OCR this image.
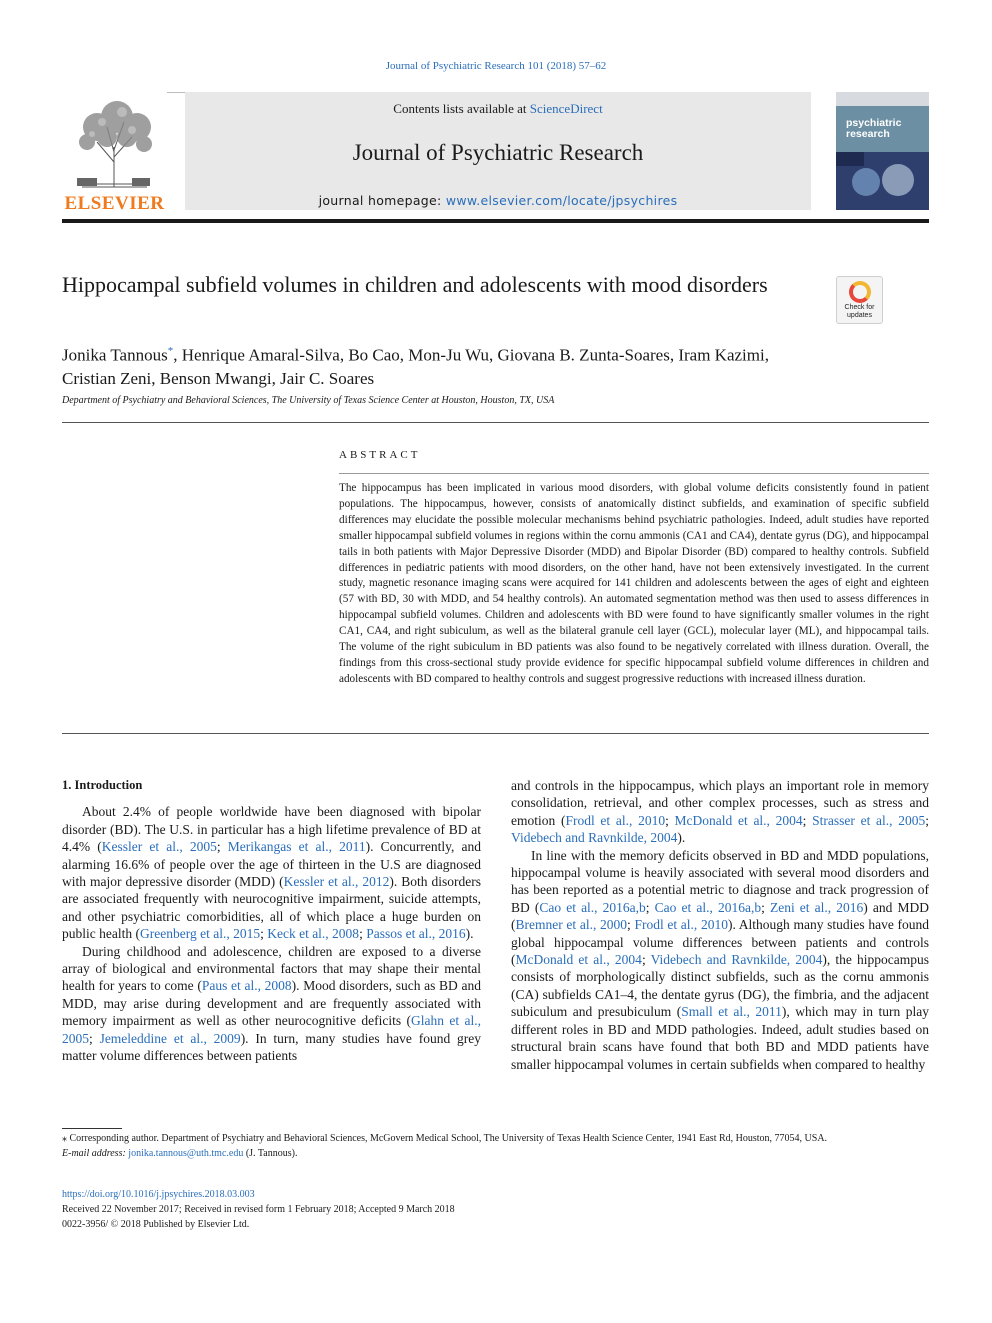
Journal of Psychiatric Research 101 (2018) 57–62
ELSEVIER
Contents lists available at ScienceDirect
Journal of Psychiatric Research
journal homepage: www.elsevier.com/locate/jpsychires
psychiatric research
Hippocampal subfield volumes in children and adolescents with mood disorders
Check for updates
Jonika Tannous*, Henrique Amaral-Silva, Bo Cao, Mon-Ju Wu, Giovana B. Zunta-Soares, Iram Kazimi, Cristian Zeni, Benson Mwangi, Jair C. Soares
Department of Psychiatry and Behavioral Sciences, The University of Texas Science Center at Houston, Houston, TX, USA
ABSTRACT
The hippocampus has been implicated in various mood disorders, with global volume deficits consistently found in patient populations. The hippocampus, however, consists of anatomically distinct subfields, and examination of specific subfield differences may elucidate the possible molecular mechanisms behind psychiatric pathologies. Indeed, adult studies have reported smaller hippocampal subfield volumes in regions within the cornu ammonis (CA1 and CA4), dentate gyrus (DG), and hippocampal tails in both patients with Major Depressive Disorder (MDD) and Bipolar Disorder (BD) compared to healthy controls. Subfield differences in pediatric patients with mood disorders, on the other hand, have not been extensively investigated. In the current study, magnetic resonance imaging scans were acquired for 141 children and adolescents between the ages of eight and eighteen (57 with BD, 30 with MDD, and 54 healthy controls). An automated segmentation method was then used to assess differences in hippocampal subfield volumes. Children and adolescents with BD were found to have significantly smaller volumes in the right CA1, CA4, and right subiculum, as well as the bilateral granule cell layer (GCL), molecular layer (ML), and hippocampal tails. The volume of the right subiculum in BD patients was also found to be negatively correlated with illness duration. Overall, the findings from this cross-sectional study provide evidence for specific hippocampal subfield volume differences in children and adolescents with BD compared to healthy controls and suggest progressive reductions with increased illness duration.
1. Introduction

About 2.4% of people worldwide have been diagnosed with bipolar disorder (BD). The U.S. in particular has a high lifetime prevalence of BD at 4.4% (Kessler et al., 2005; Merikangas et al., 2011). Concurrently, and alarming 16.6% of people over the age of thirteen in the U.S are diagnosed with major depressive disorder (MDD) (Kessler et al., 2012). Both disorders are associated frequently with neurocognitive impairment, suicide attempts, and other psychiatric comorbidities, all of which place a huge burden on public health (Greenberg et al., 2015; Keck et al., 2008; Passos et al., 2016).

During childhood and adolescence, children are exposed to a diverse array of biological and environmental factors that may shape their mental health for years to come (Paus et al., 2008). Mood disorders, such as BD and MDD, may arise during development and are frequently associated with memory impairment as well as other neurocognitive deficits (Glahn et al., 2005; Jemeleddine et al., 2009). In turn, many studies have found grey matter volume differences between patients

and controls in the hippocampus, which plays an important role in memory consolidation, retrieval, and other complex processes, such as stress and emotion (Frodl et al., 2010; McDonald et al., 2004; Strasser et al., 2005; Videbech and Ravnkilde, 2004).

In line with the memory deficits observed in BD and MDD populations, hippocampal volume is heavily associated with several mood disorders and has been reported as a potential metric to diagnose and track progression of BD (Cao et al., 2016a,b; Cao et al., 2016a,b; Zeni et al., 2016) and MDD (Bremner et al., 2000; Frodl et al., 2010). Although many studies have found global hippocampal volume differences between patients and controls (McDonald et al., 2004; Videbech and Ravnkilde, 2004), the hippocampus consists of morphologically distinct subfields, such as the cornu ammonis (CA) subfields CA1–4, the dentate gyrus (DG), the fimbria, and the adjacent subiculum and presubiculum (Small et al., 2011), which may in turn play different roles in BD and MDD pathologies. Indeed, adult studies based on structural brain scans have found that both BD and MDD patients have smaller hippocampal volumes in certain subfields when compared to healthy

⁎ Corresponding author. Department of Psychiatry and Behavioral Sciences, McGovern Medical School, The University of Texas Health Science Center, 1941 East Rd, Houston, 77054, USA.
E-mail address: jonika.tannous@uth.tmc.edu (J. Tannous).
https://doi.org/10.1016/j.jpsychires.2018.03.003
Received 22 November 2017; Received in revised form 1 February 2018; Accepted 9 March 2018
0022-3956/ © 2018 Published by Elsevier Ltd.
